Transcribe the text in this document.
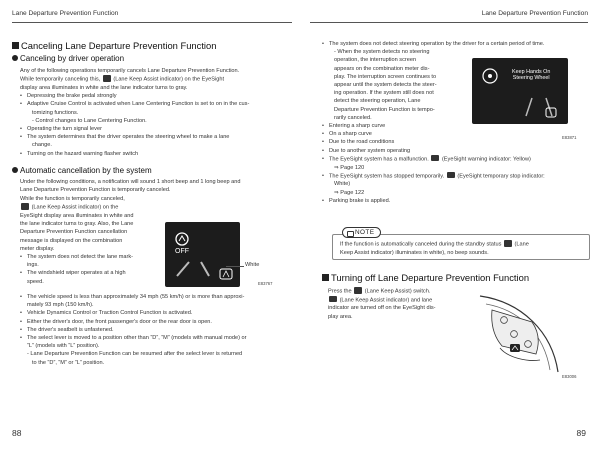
Lane Departure Prevention Function
Canceling Lane Departure Prevention Function
Canceling by driver operation
Any of the following operations temporarily cancels Lane Departure Prevention Function.
While temporarily canceling this, (Lane Keep Assist indicator) on the EyeSight
display area illuminates in white and the lane indicator turns to gray.
• Depressing the brake pedal strongly
• Adaptive Cruise Control is activated when Lane Centering Function is set to on in the cus-
tomizing functions.
- Control changes to Lane Centering Function.
• Operating the turn signal lever
• The system determines that the driver operates the steering wheel to make a lane
change.
• Turning on the hazard warning flasher switch
Automatic cancellation by the system
Under the following conditions, a notification will sound 1 short beep and 1 long beep and
Lane Departure Prevention Function is temporarily canceled.
While the function is temporarily canceled,
(Lane Keep Assist indicator) on the
EyeSight display area illuminates in white and
the lane indicator turns to gray. Also, the Lane
Departure Prevention Function cancellation
message is displayed on the combination
meter display.
• The system does not detect the lane mark-
ings.
• The windshield wiper operates at a high
speed.
OFF
White
E83767
• The vehicle speed is less than approximately 34 mph (55 km/h) or is more than approxi-
mately 93 mph (150 km/h).
• Vehicle Dynamics Control or Traction Control Function is activated.
• Either the driver's door, the front passenger's door or the rear door is open.
• The driver's seatbelt is unfastened.
• The select lever is moved to a position other than “D”, “M” (models with manual mode) or
“L” (models with “L” position).
- Lane Departure Prevention Function can be resumed after the select lever is returned
to the “D”, “M” or “L” position.
88
Lane Departure Prevention Function
• The system does not detect steering operation by the driver for a certain period of time.
- When the system detects no steering
operation, the interruption screen
appears on the combination meter dis-
play. The interruption screen continues to
appear until the system detects the steer-
ing operation. If the system still does not
detect the steering operation, Lane
Departure Prevention Function is tempo-
rarily canceled.
• Entering a sharp curve
• On a sharp curve
• Due to the road conditions
• Due to another system operating
• The EyeSight system has a malfunction. (EyeSight warning indicator: Yellow)
⇒ Page 120
• The EyeSight system has stopped temporarily. (EyeSight temporary stop indicator:
White)
⇒ Page 122
• Parking brake is applied.
Keep Hands On
Steering Wheel
E83871
NOTE
If the function is automatically canceled during the standby status (Lane
Keep Assist indicator) illuminates in white), no beep sounds.
Turning off Lane Departure Prevention Function
Press the (Lane Keep Assist) switch.
(Lane Keep Assist indicator) and lane
indicator are turned off on the EyeSight dis-
play area.
E83006
89
